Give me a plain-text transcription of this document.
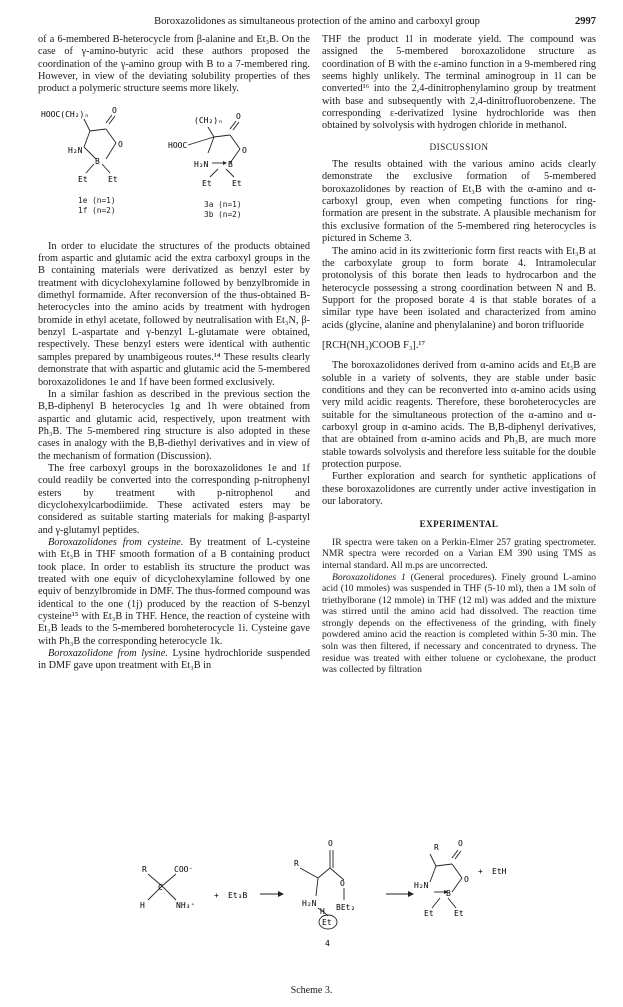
Boroxazolidones as simultaneous protection of the amino and carboxyl group	2997

of a 6-membered B-heterocycle from β-alanine and Et₃B. On the case of γ-amino-butyric acid these authors proposed the coordination of the γ-amino group with B to a 7-membered ring. However, in view of the deviating solubility properties of thes product a polymeric structure seems more likely.

HOOC(CH₂)ₙ	O
O
H₂N
B
Et	Et
(CH₂)ₙ O
O
HOOC
H₂N B
Et	Et
1e (n=1)
1f (n=2)
3a (n=1)
3b (n=2)

In order to elucidate the structures of the products obtained from aspartic and glutamic acid the extra carboxyl groups in the B containing materials were derivatized as benzyl ester by treatment with dicyclohexylamine followed by benzylbromide in dimethyl formamide. After reconversion of the thus-obtained B-heterocycles into the amino acids by treatment with hydrogen bromide in ethyl acetate, followed by neutralisation with Et₃N, β-benzyl L-aspartate and γ-benzyl L-glutamate were obtained, respectively. These benzyl esters were identical with authentic samples prepared by unambigeous routes.¹⁴ These results clearly demonstrate that with aspartic and glutamic acid the 5-membered boroxazolidones 1e and 1f have been formed exclusively.

In a similar fashion as described in the previous section the B,B-diphenyl B heterocycles 1g and 1h were obtained from aspartic and glutamic acid, respectively, upon treatment with Ph₃B. The 5-membered ring structure is also adopted in these cases in analogy with the B,B-diethyl derivatives and in view of the mechanism of formation (Discussion).

The free carboxyl groups in the boroxazolidones 1e and 1f could readily be converted into the corresponding p-nitrophenyl esters by treatment with p-nitrophenol and dicyclohexylcarbodiimide. These activated esters may be considered as suitable starting materials for making β-aspartyl and γ-glutamyl peptides.

Boroxazolidones from cysteine. By treatment of L-cysteine with Et₃B in THF smooth formation of a B containing product took place. In order to establish its structure the product was treated with one equiv of dicyclohexylamine followed by one equiv of benzylbromide in DMF. The thus-formed compound was identical to the one (1j) produced by the reaction of S-benzyl cysteine¹⁵ with Et₃B in THF. Hence, the reaction of cysteine with Et₃B leads to the 5-membered boroheterocycle 1i. Cysteine gave with Ph₃B the corresponding heterocycle 1k.

Boroxazolidone from lysine. Lysine hydrochloride suspended in DMF gave upon treatment with Et₃B in

THF the product 1l in moderate yield. The compound was assigned the 5-membered boroxazolidone structure as coordination of B with the ε-amino function in a 9-membered ring seems highly unlikely. The terminal aminogroup in 1l can be converted¹⁶ into the 2,4-dinitrophenylamino group by treatment with base and subsequently with 2,4-dinitrofluorobenzene. The corresponding ε-derivatized lysine hydrochloride was then obtained by solvolysis with hydrogen chloride in methanol.

DISCUSSION

The results obtained with the various amino acids clearly demonstrate the exclusive formation of 5-membered boroxazolidones by reaction of Et₃B with the α-amino and α-carboxyl group, even when competing functions for ring-formation are present in the substrate. A plausible mechanism for this exclusive formation of the 5-membered ring heterocycles is pictured in Scheme 3.

The amino acid in its zwitterionic form first reacts with Et₃B at the carboxylate group to form borate 4. Intramolecular protonolysis of this borate then leads to hydrocarbon and the heterocycle possessing a strong coordination between N and B. Support for the proposed borate 4 is that stable borates of a similar type have been isolated and characterized from amino acids (glycine, alanine and phenylalanine) and boron trifluoride

[RCH(NH₃)COOB F₃].¹⁷

The boroxazolidones derived from α-amino acids and Et₃B are soluble in a variety of solvents, they are stable under basic conditions and they can be reconverted into α-amino acids using very mild acidic reagents. Therefore, these boroheterocycles are suitable for the simultaneous protection of the α-amino and α-carboxyl group in α-amino acids. The B,B-diphenyl derivatives, that are obtained from α-amino acids and Ph₃B, are much more stable towards solvolysis and therefore less suitable for the double protection purpose.

Further exploration and search for synthetic applications of these boroxazolidones are currently under active investigation in our laboratory.

EXPERIMENTAL

IR spectra were taken on a Perkin-Elmer 257 grating spectrometer. NMR spectra were recorded on a Varian EM 390 using TMS as internal standard. All m.ps are uncorrected.

Boroxazolidones 1 (General procedures). Finely ground L-amino acid (10 mmoles) was suspended in THF (5-10 ml), then a 1M soln of triethylborane (12 mmole) in THF (12 ml) was added and the mixture was stirred until the amino acid had dissolved. The reaction time strongly depends on the effectiveness of the grinding, with finely powdered amino acid the reaction is completed within 5-30 min. The soln was then filtered, if necessary and concentrated to dryness. The residue was treated with either toluene or cyclohexane, the product was collected by filtration

R
C
COO⁻
H	NH₃⁺
+ Et₃B
R
O
O
H₂N
H BEt₂
Et
4
R O
O
H₂N
B
Et	Et
+ EtH
Scheme 3.
